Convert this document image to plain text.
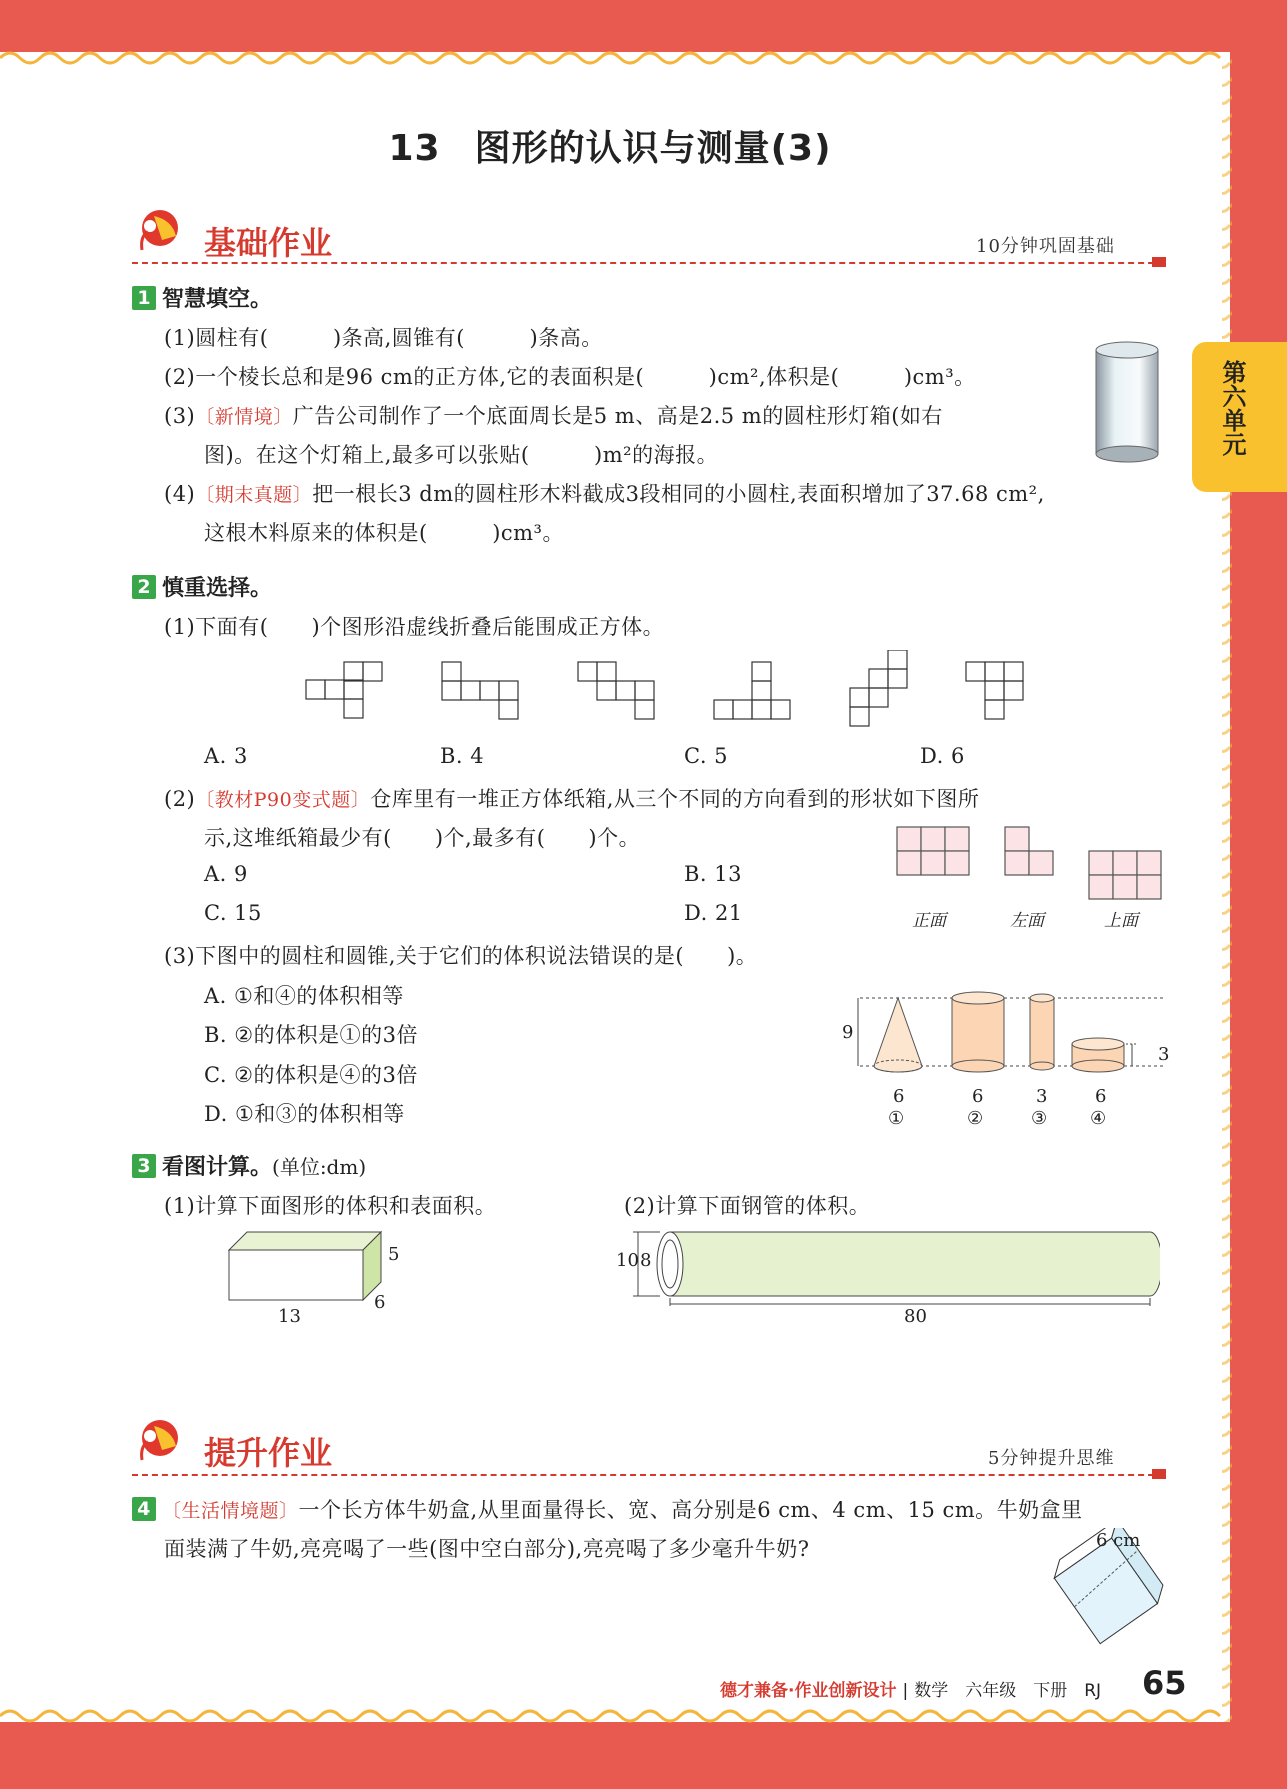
第六单元
13 图形的认识与测量(3)
基础作业	10分钟巩固基础
1 智慧填空。
(1)圆柱有(　　　)条高,圆锥有(　　　)条高。
(2)一个棱长总和是96 cm的正方体,它的表面积是(　　　)cm²,体积是(　　　)cm³。
(3)〔新情境〕广告公司制作了一个底面周长是5 m、高是2.5 m的圆柱形灯箱(如右
图)。在这个灯箱上,最多可以张贴(　　　)m²的海报。
(4)〔期末真题〕把一根长3 dm的圆柱形木料截成3段相同的小圆柱,表面积增加了37.68 cm²,
这根木料原来的体积是(　　　)cm³。
2 慎重选择。
(1)下面有(　　)个图形沿虚线折叠后能围成正方体。
A. 3	B. 4	C. 5	D. 6
(2)〔教材P90变式题〕仓库里有一堆正方体纸箱,从三个不同的方向看到的形状如下图所
示,这堆纸箱最少有(　　)个,最多有(　　)个。
A. 9	B. 13
C. 15	D. 21	正面	左面	上面
(3)下图中的圆柱和圆锥,关于它们的体积说法错误的是(　　)。
A. ①和④的体积相等
B. ②的体积是①的3倍
C. ②的体积是④的3倍
D. ①和③的体积相等
9
3
6	6	3	6
①	②	③ ④
3 看图计算。(单位:dm)
(1)计算下面图形的体积和表面积。	(2)计算下面钢管的体积。
5
6
13
10 8
80
提升作业	5分钟提升思维
4 〔生活情境题〕一个长方体牛奶盒,从里面量得长、宽、高分别是6 cm、4 cm、15 cm。牛奶盒里
面装满了牛奶,亮亮喝了一些(图中空白部分),亮亮喝了多少毫升牛奶?	6 cm
德才兼备·作业创新设计 | 数学　六年级　下册　RJ 65
